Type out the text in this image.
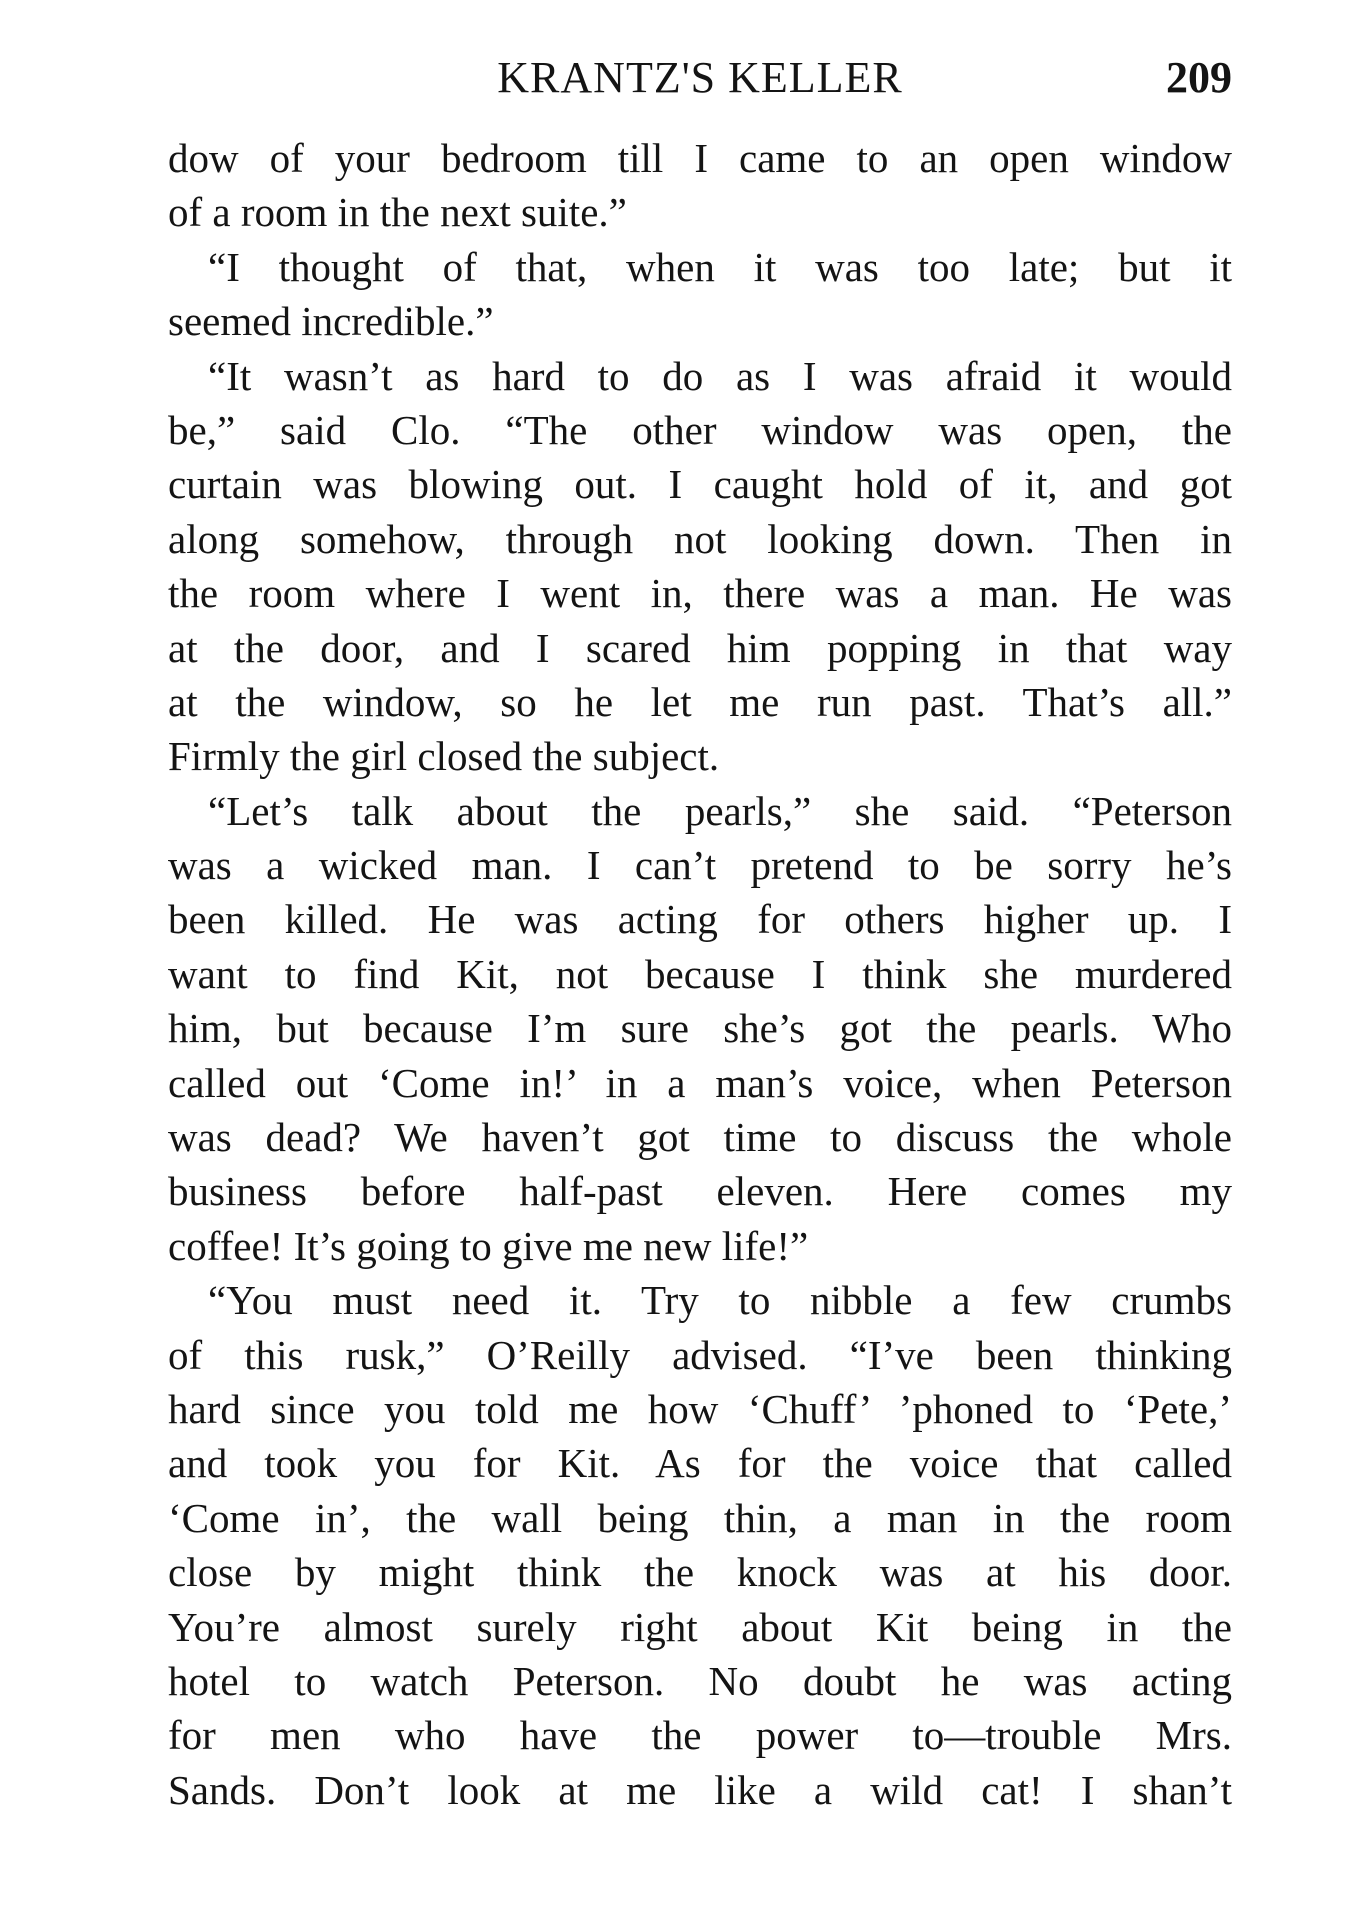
KRANTZ'S KELLER	209
dow of your bedroom till I came to an open window
of a room in the next suite.”
“I thought of that, when it was too late; but it
seemed incredible.”
“It wasn’t as hard to do as I was afraid it would
be,” said Clo. “The other window was open, the
curtain was blowing out. I caught hold of it, and got
along somehow, through not looking down. Then in
the room where I went in, there was a man. He was
at the door, and I scared him popping in that way
at the window, so he let me run past. That’s all.”
Firmly the girl closed the subject.
“Let’s talk about the pearls,” she said. “Peterson
was a wicked man. I can’t pretend to be sorry he’s
been killed. He was acting for others higher up. I
want to find Kit, not because I think she murdered
him, but because I’m sure she’s got the pearls. Who
called out ‘Come in!’ in a man’s voice, when Peterson
was dead? We haven’t got time to discuss the whole
business before half-past eleven. Here comes my
coffee! It’s going to give me new life!”
“You must need it. Try to nibble a few crumbs
of this rusk,” O’Reilly advised. “I’ve been thinking
hard since you told me how ‘Chuff’ ’phoned to ‘Pete,’
and took you for Kit. As for the voice that called
‘Come in’, the wall being thin, a man in the room
close by might think the knock was at his door.
You’re almost surely right about Kit being in the
hotel to watch Peterson. No doubt he was acting
for men who have the power to—trouble Mrs.
Sands. Don’t look at me like a wild cat! I shan’t
